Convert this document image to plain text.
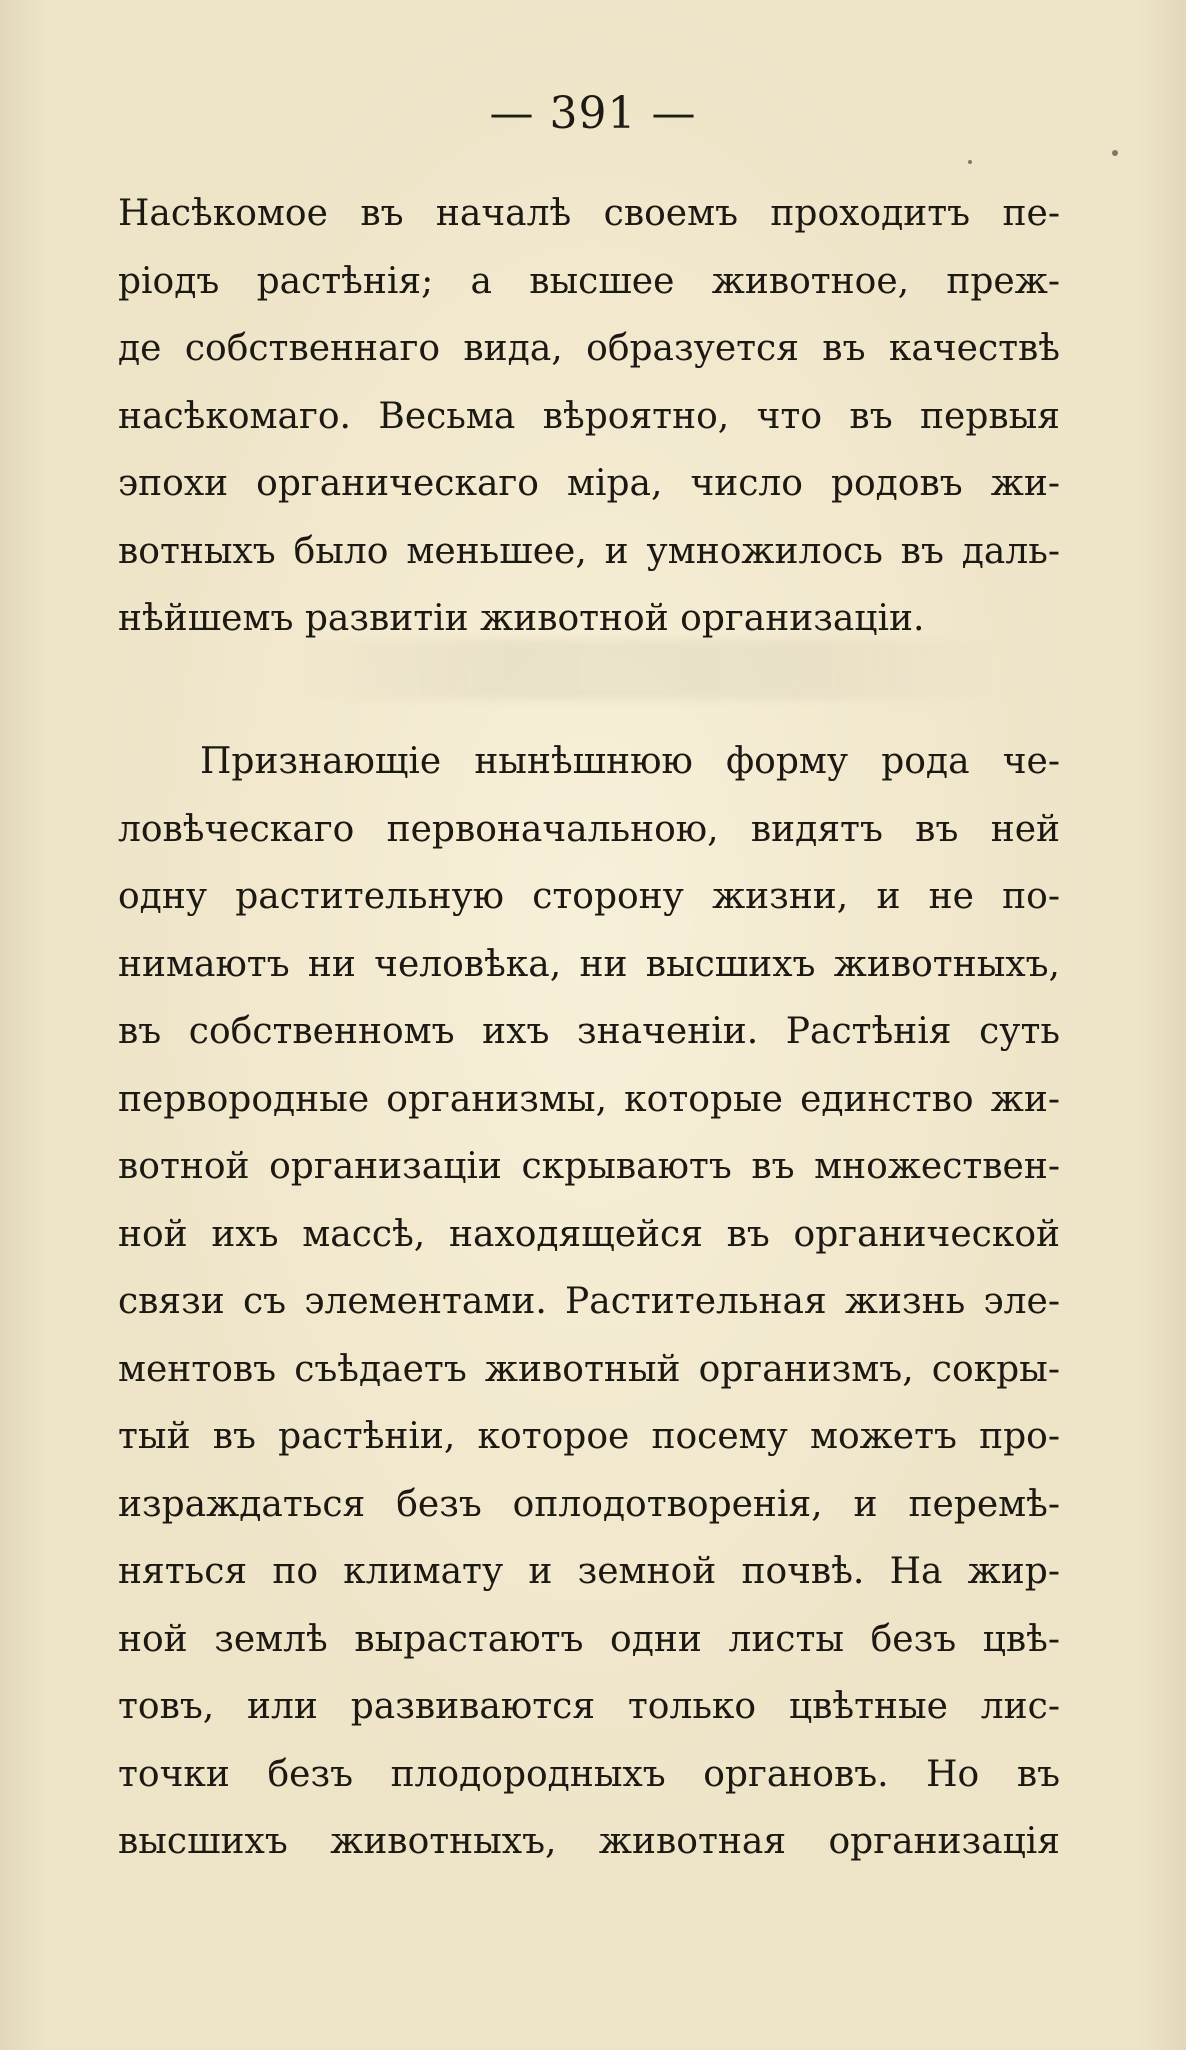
— 391 —
Насѣкомое въ началѣ своемъ проходитъ пе-
ріодъ растѣнія; а высшее животное, преж-
де собственнаго вида, образуется въ качествѣ
насѣкомаго. Весьма вѣроятно, что въ первыя
эпохи органическаго міра, число родовъ жи-
вотныхъ было меньшее, и умножилось въ даль-
нѣйшемъ развитіи животной организаціи.
Признающіе нынѣшнюю форму рода че-
ловѣческаго первоначальною, видятъ въ ней
одну растительную сторону жизни, и не по-
нимаютъ ни человѣка, ни высшихъ животныхъ,
въ собственномъ ихъ значеніи. Растѣнія суть
первородные организмы, которые единство жи-
вотной организаціи скрываютъ въ множествен-
ной ихъ массѣ, находящейся въ органической
связи съ элементами. Растительная жизнь эле-
ментовъ съѣдаетъ животный организмъ, сокры-
тый въ растѣніи, которое посему можетъ про-
израждаться безъ оплодотворенія, и перемѣ-
няться по климату и земной почвѣ. На жир-
ной землѣ вырастаютъ одни листы безъ цвѣ-
товъ, или развиваются только цвѣтные лис-
точки безъ плодородныхъ органовъ. Но въ
высшихъ животныхъ, животная организація
